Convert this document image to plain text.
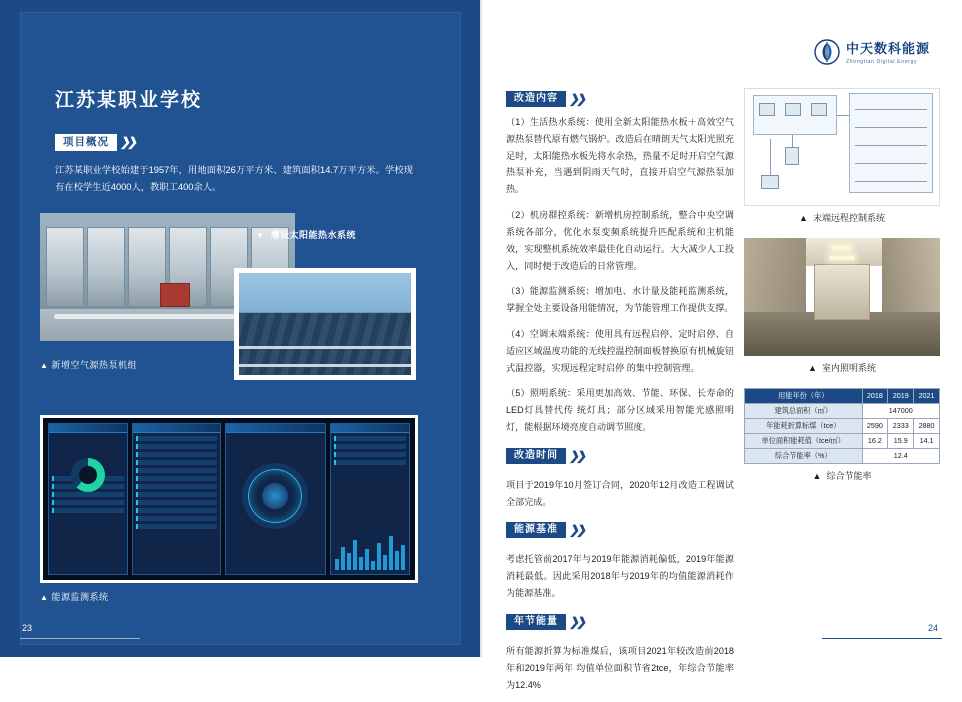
江苏某职业学校
项目概况 ❯❯
江苏某职业学校始建于1957年，用地面积26万平方米、建筑面积14.7万平方米。学校现有在校学生近4000人，教职工400余人。
▲ 新增空气源热泵机组
▼ 增设太阳能热水系统
▲ 能源监测系统
23
中天数科能源
Zhongtian Digital Energy
改造内容 ❯❯
（1）生活热水系统：使用全新太阳能热水板＋高效空气源热泵替代原有燃气锅炉。改造后在晴朗天气太阳光照充足时，太阳能热水板先将水余热，热量不足时开启空气源热泵补充，当遇到阴雨天气时，直接开启空气源热泵加热。
（2）机房群控系统：新增机房控制系统，整合中央空调系统各部分，优化水泵变频系统提升匹配系统和主机能效，实现整机系统效率最佳化自动运行。大大减少人工投入，同时便于改造后的日常管理。
（3）能源监测系统：增加电、水计量及能耗监测系统，掌握全处主要设备用能情况，为节能管理工作提供支撑。
（4）空调末端系统：使用具有远程启停、定时启停、自适应区域温度功能的无线控温控制面板替换原有机械旋钮式温控器，实现远程定时启停 的集中控制管理。
（5）照明系统：采用更加高效、节能、环保、长寿命的LED灯具替代传 统灯具；部分区域采用智能光感照明灯，能根据环境亮度自动调节照度。
改造时间 ❯❯
项目于2019年10月签订合同，2020年12月改造工程调试全部完成。
能源基准 ❯❯
考虑托管前2017年与2019年能源消耗偏低，2019年能源消耗最低。因此采用2018年与2019年的均值能源消耗作为能源基准。
年节能量 ❯❯
所有能源折算为标准煤后，该项目2021年较改造前2018年和2019年两年 均值单位面积节省2tce，年综合节能率为12.4%
▲ 末端远程控制系统
▲ 室内照明系统
用能年份（年）	2018	2019	2021
建筑总面积（㎡）	147000		
年能耗折算标煤（tce）	2590	2333	2880
单位面积能耗值（tce/㎡）	16.2	15.9	14.1
综合节能率（%）	12.4		
▲ 综合节能率
24
